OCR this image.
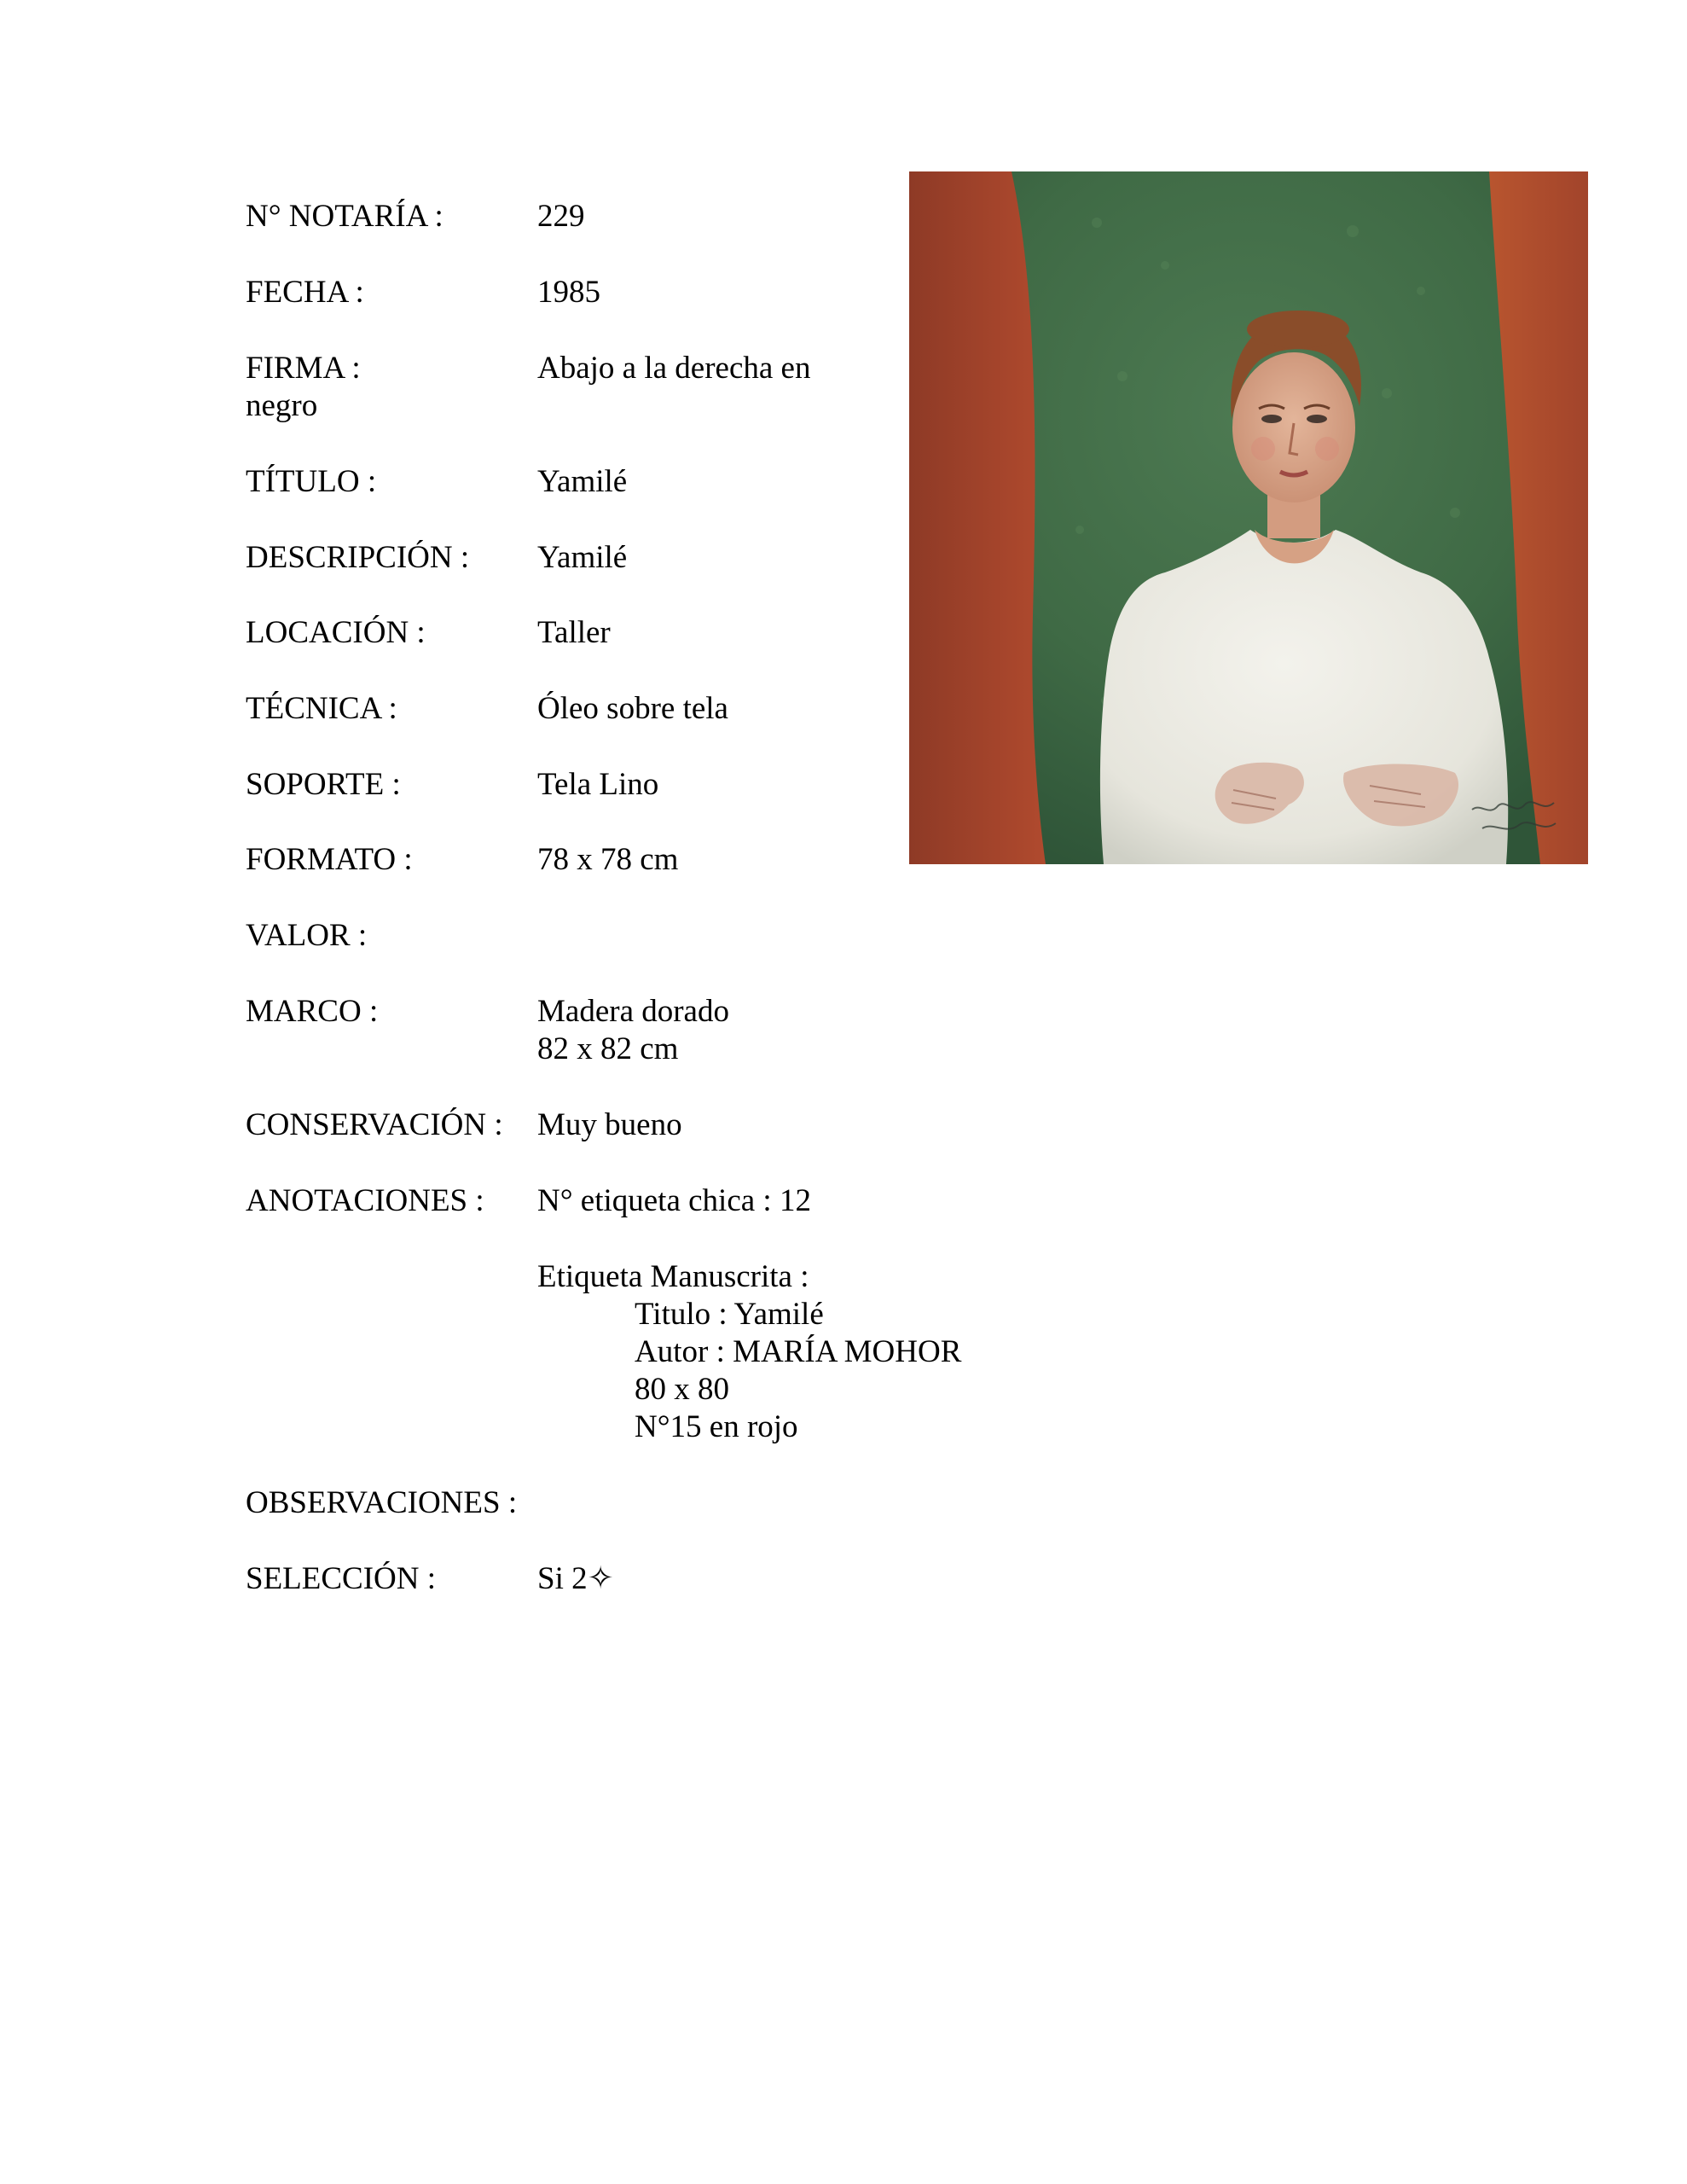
N° NOTARÍA :	229
FECHA :	1985
FIRMA :	Abajo a la derecha en
negro
TÍTULO :	Yamilé
DESCRIPCIÓN : Yamilé
LOCACIÓN :	Taller
TÉCNICA :	Óleo sobre tela
SOPORTE :	Tela Lino
FORMATO :	78 x 78 cm
VALOR :
MARCO :	Madera dorado
82 x 82 cm
CONSERVACIÓN : Muy bueno
ANOTACIONES : N° etiqueta chica : 12
Etiqueta Manuscrita :
Titulo : Yamilé
Autor : MARÍA MOHOR
80 x 80
N°15 en rojo
OBSERVACIONES :
SELECCIÓN :	Si 2✧
